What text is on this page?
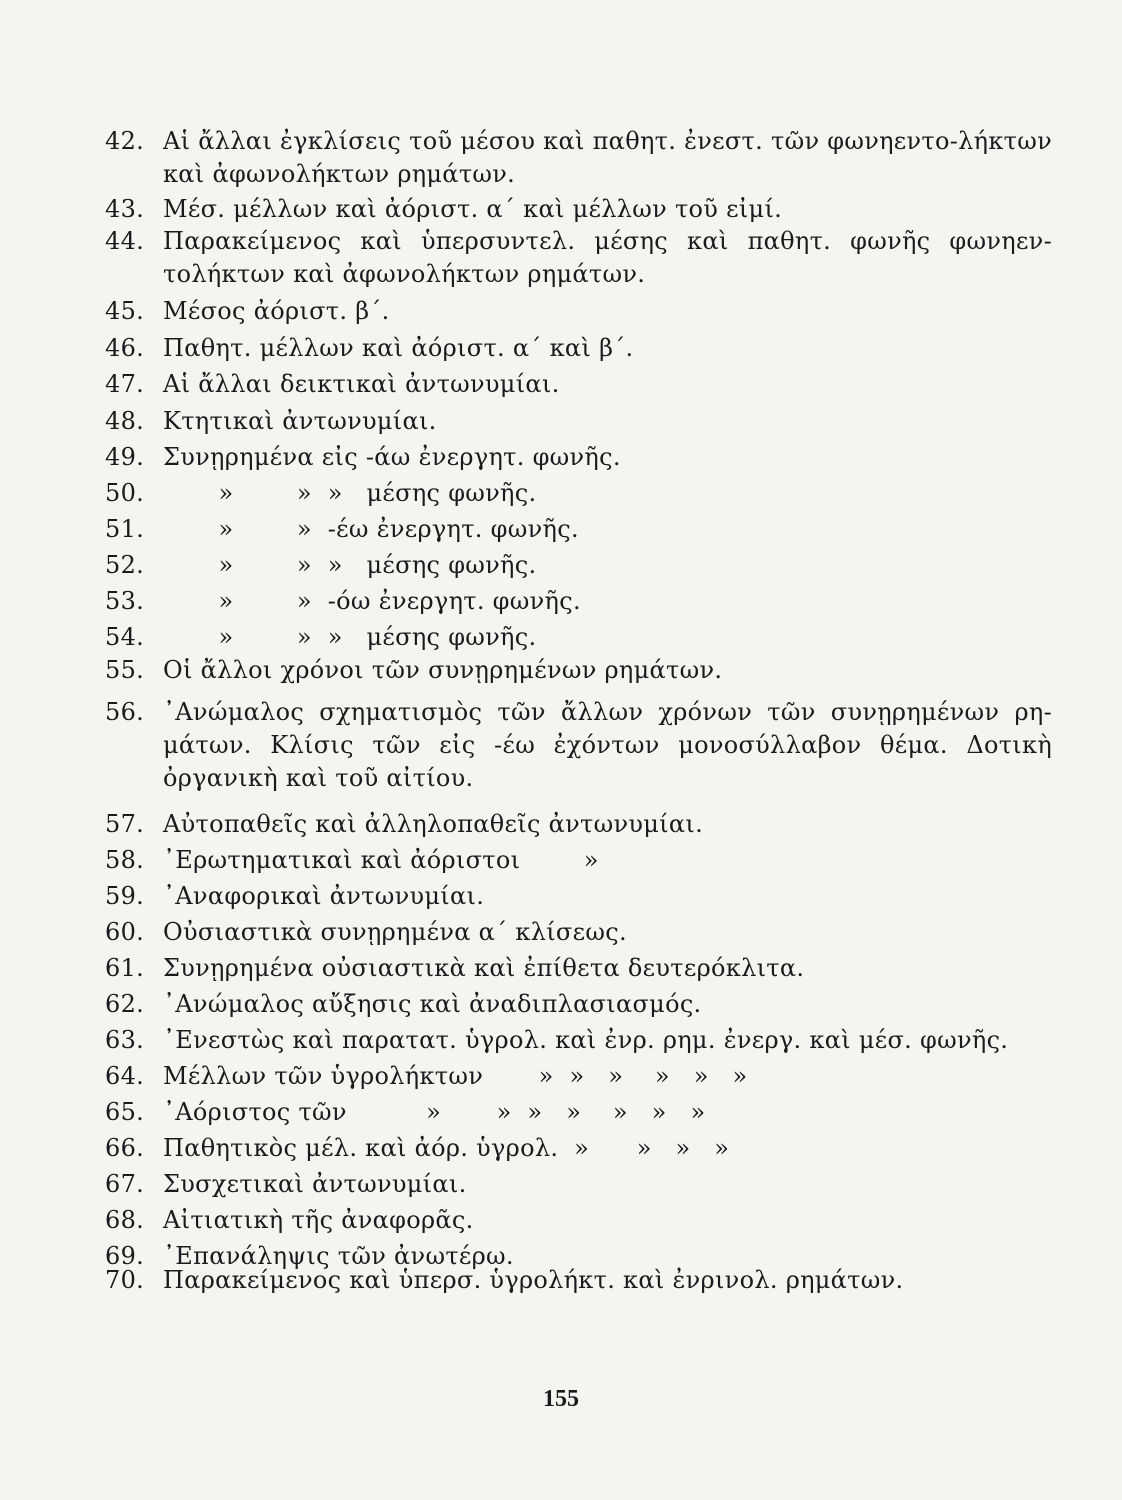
42. Αἱ ἄλλαι ἐγκλίσεις τοῦ μέσου καὶ παθητ. ἐνεστ. τῶν φωνηεντο-λήκτων καὶ ἀφωνολήκτων ρημάτων.
43. Μέσ. μέλλων καὶ ἀόριστ. α΄ καὶ μέλλων τοῦ εἰμί.
44. Παρακείμενος καὶ ὑπερσυντελ. μέσης καὶ παθητ. φωνῆς φωνηεν-τολήκτων καὶ ἀφωνολήκτων ρημάτων.
45. Μέσος ἀόριστ. β΄.
46. Παθητ. μέλλων καὶ ἀόριστ. α΄ καὶ β΄.
47. Αἱ ἄλλαι δεικτικαὶ ἀντωνυμίαι.
48. Κτητικαὶ ἀντωνυμίαι.
49. Συνῃρημένα εἰς -άω ἐνεργητ. φωνῆς.
50. »        »  »   μέσης φωνῆς.
51. »        »  -έω ἐνεργητ. φωνῆς.
52. »        »  »   μέσης φωνῆς.
53. »        »  -όω ἐνεργητ. φωνῆς.
54. »        »  »   μέσης φωνῆς.
55. Οἱ ἄλλοι χρόνοι τῶν συνῃρημένων ρημάτων.
56. ᾿Ανώμαλος σχηματισμὸς τῶν ἄλλων χρόνων τῶν συνῃρημένων ρη-μάτων. Κλίσις τῶν εἰς -έω ἐχόντων μονοσύλλαβον θέμα. Δοτικὴ ὀργανικὴ καὶ τοῦ αἰτίου.
57. Αὐτοπαθεῖς καὶ ἀλληλοπαθεῖς ἀντωνυμίαι.
58. ᾿Ερωτηματικαὶ καὶ ἀόριστοι        »
59. ᾿Αναφορικαὶ ἀντωνυμίαι.
60. Οὐσιαστικὰ συνῃρημένα α΄ κλίσεως.
61. Συνῃρημένα οὐσιαστικὰ καὶ ἐπίθετα δευτερόκλιτα.
62. ᾿Ανώμαλος αὔξησις καὶ ἀναδιπλασιασμός.
63. ᾿Ενεστὼς καὶ παρατατ. ὑγρολ. καὶ ἐνρ. ρημ. ἐνεργ. καὶ μέσ. φωνῆς.
64. Μέλλων τῶν ὑγρολήκτων       »  »   »    »   »   »
65. ᾿Αόριστος τῶν          »       »  »   »    »   »   »
66. Παθητικὸς μέλ. καὶ ἀόρ. ὑγρολ.  »      »   »   »
67. Συσχετικαὶ ἀντωνυμίαι.
68. Αἰτιατικὴ τῆς ἀναφορᾶς.
69. ᾿Επανάληψις τῶν ἀνωτέρω.
70. Παρακείμενος καὶ ὑπερσ. ὑγρολήκτ. καὶ ἐνρινολ. ρημάτων.
155
